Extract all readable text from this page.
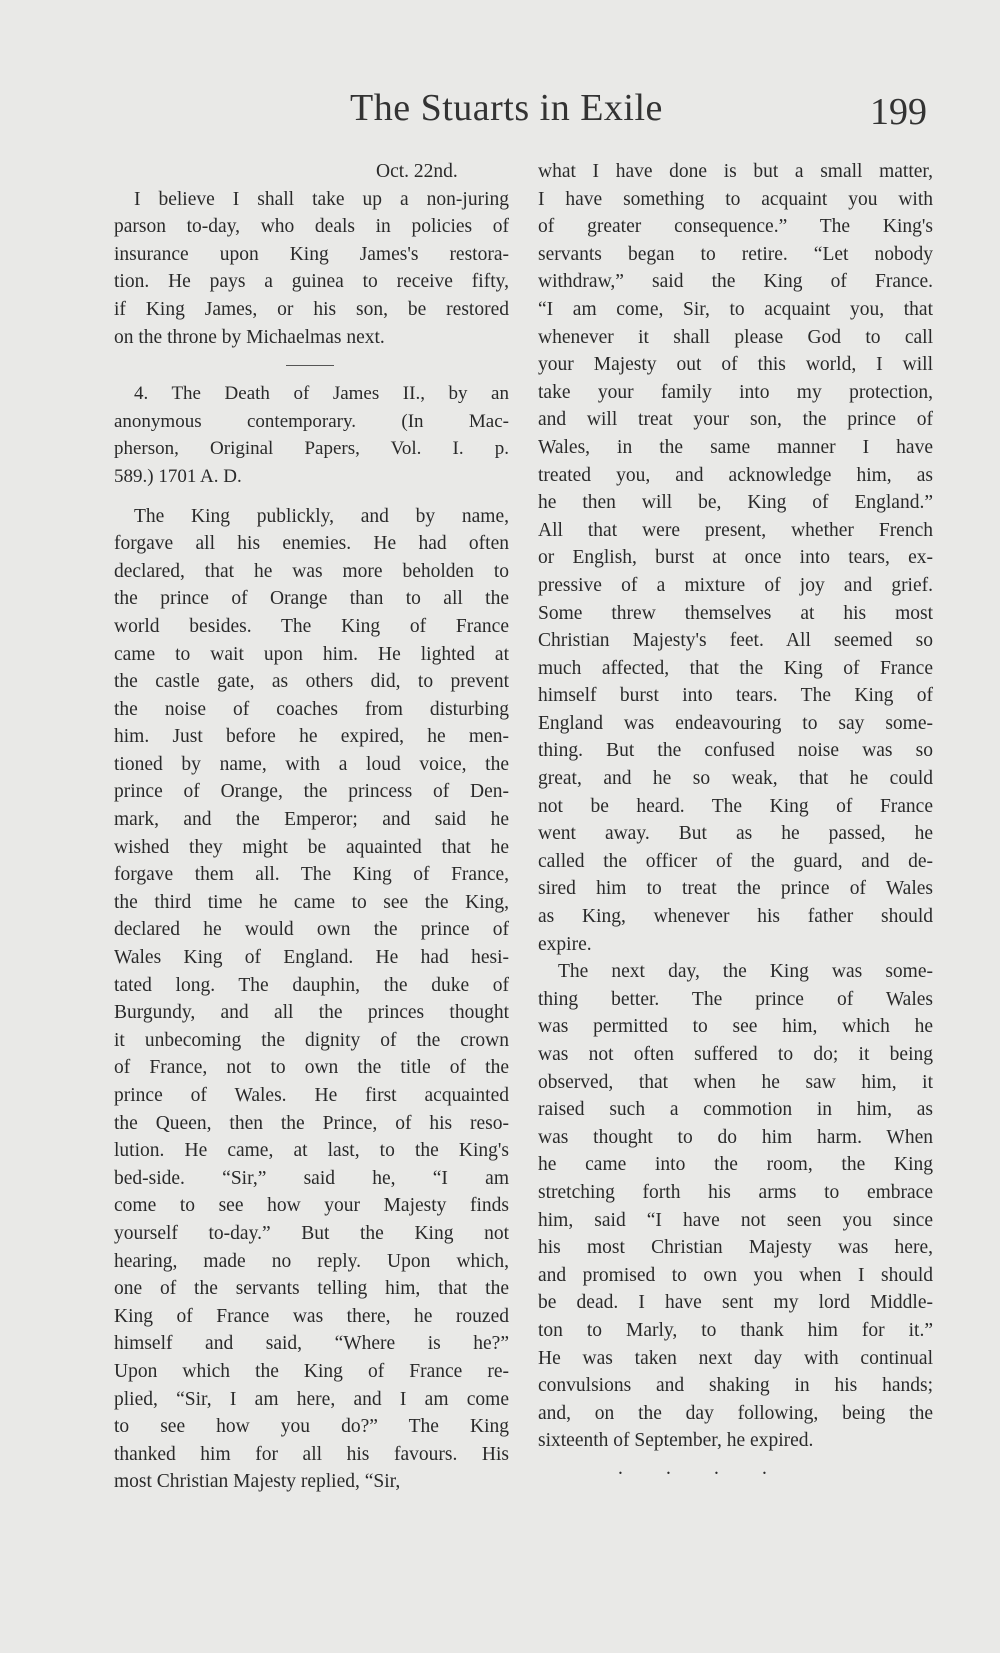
The Stuarts in Exile	199
Oct. 22nd.
I believe I shall take up a non-juring
parson to-day, who deals in policies of
insurance upon King James's restora-
tion. He pays a guinea to receive fifty,
if King James, or his son, be restored
on the throne by Michaelmas next.
4. The Death of James II., by an
anonymous contemporary. (In Mac-
pherson, Original Papers, Vol. I. p.
589.) 1701 A. D.
The King publickly, and by name,
forgave all his enemies. He had often
declared, that he was more beholden to
the prince of Orange than to all the
world besides. The King of France
came to wait upon him. He lighted at
the castle gate, as others did, to prevent
the noise of coaches from disturbing
him. Just before he expired, he men-
tioned by name, with a loud voice, the
prince of Orange, the princess of Den-
mark, and the Emperor; and said he
wished they might be aquainted that he
forgave them all. The King of France,
the third time he came to see the King,
declared he would own the prince of
Wales King of England. He had hesi-
tated long. The dauphin, the duke of
Burgundy, and all the princes thought
it unbecoming the dignity of the crown
of France, not to own the title of the
prince of Wales. He first acquainted
the Queen, then the Prince, of his reso-
lution. He came, at last, to the King's
bed-side. “Sir,” said he, “I am
come to see how your Majesty finds
yourself to-day.” But the King not
hearing, made no reply. Upon which,
one of the servants telling him, that the
King of France was there, he rouzed
himself and said, “Where is he?”
Upon which the King of France re-
plied, “Sir, I am here, and I am come
to see how you do?” The King
thanked him for all his favours. His
most Christian Majesty replied, “Sir,
what I have done is but a small matter,
I have something to acquaint you with
of greater consequence.” The King's
servants began to retire. “Let nobody
withdraw,” said the King of France.
“I am come, Sir, to acquaint you, that
whenever it shall please God to call
your Majesty out of this world, I will
take your family into my protection,
and will treat your son, the prince of
Wales, in the same manner I have
treated you, and acknowledge him, as
he then will be, King of England.”
All that were present, whether French
or English, burst at once into tears, ex-
pressive of a mixture of joy and grief.
Some threw themselves at his most
Christian Majesty's feet. All seemed so
much affected, that the King of France
himself burst into tears. The King of
England was endeavouring to say some-
thing. But the confused noise was so
great, and he so weak, that he could
not be heard. The King of France
went away. But as he passed, he
called the officer of the guard, and de-
sired him to treat the prince of Wales
as King, whenever his father should
expire.
The next day, the King was some-
thing better. The prince of Wales
was permitted to see him, which he
was not often suffered to do; it being
observed, that when he saw him, it
raised such a commotion in him, as
was thought to do him harm. When
he came into the room, the King
stretching forth his arms to embrace
him, said “I have not seen you since
his most Christian Majesty was here,
and promised to own you when I should
be dead. I have sent my lord Middle-
ton to Marly, to thank him for it.”
He was taken next day with continual
convulsions and shaking in his hands;
and, on the day following, being the
sixteenth of September, he expired.
. . . .
